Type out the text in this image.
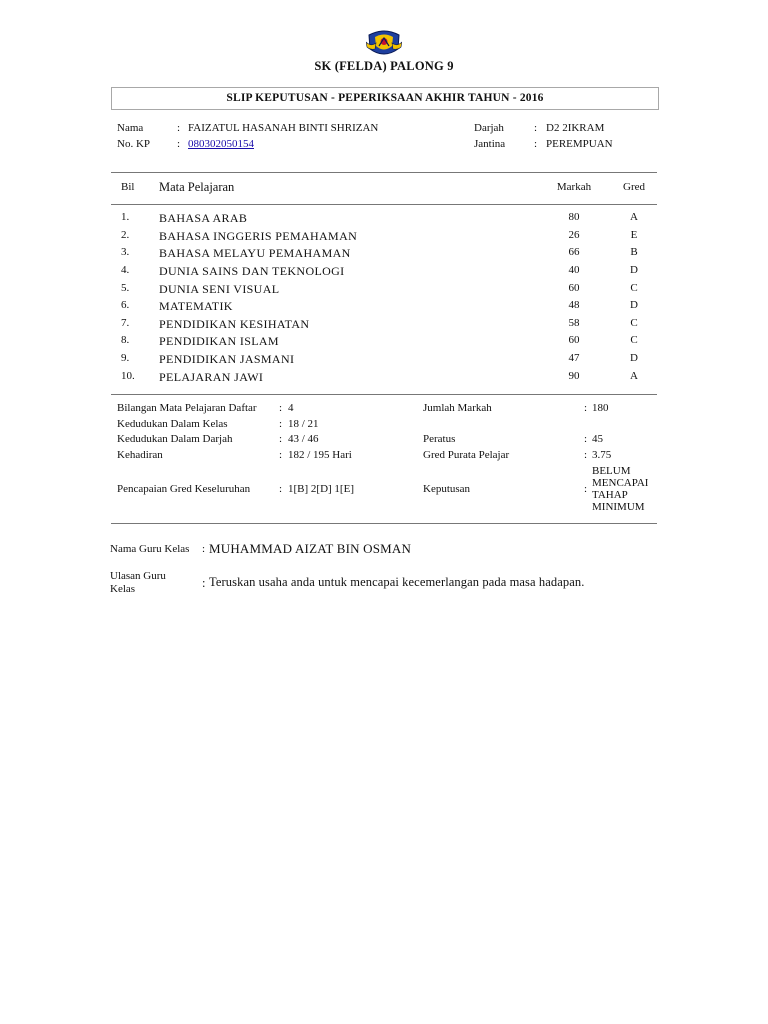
SK (FELDA) PALONG 9
SLIP KEPUTUSAN - PEPERIKSAAN AKHIR TAHUN - 2016
Nama	: FAIZATUL HASANAH BINTI SHRIZAN
No. KP : 080302050154
Darjah	: D2 2IKRAM
Jantina	: PEREMPUAN
Bil Mata Pelajaran	Markah	Gred
1. BAHASA ARAB	80	A
2. BAHASA INGGERIS PEMAHAMAN	26	E
3. BAHASA MELAYU PEMAHAMAN	66	B
4. DUNIA SAINS DAN TEKNOLOGI	40	D
5. DUNIA SENI VISUAL	60	C
6. MATEMATIK	48	D
7. PENDIDIKAN KESIHATAN	58	C
8. PENDIDIKAN ISLAM	60	C
9. PENDIDIKAN JASMANI	47	D
10. PELAJARAN JAWI	90	A
Bilangan Mata Pelajaran Daftar : 4
Kedudukan Dalam Kelas	: 18 / 21
Kedudukan Dalam Darjah	: 43 / 46
Kehadiran	: 182 / 195 Hari
Pencapaian Gred Keseluruhan	: 1[B] 2[D] 1[E]
Jumlah Markah	: 180
Peratus	: 45
Gred Purata Pelajar	: 3.75
Keputusan	:
BELUM
MENCAPAI
TAHAP
MINIMUM
Nama Guru Kelas : MUHAMMAD AIZAT BIN OSMAN
Ulasan Guru
Kelas	: Teruskan usaha anda untuk mencapai kecemerlangan pada masa hadapan.
